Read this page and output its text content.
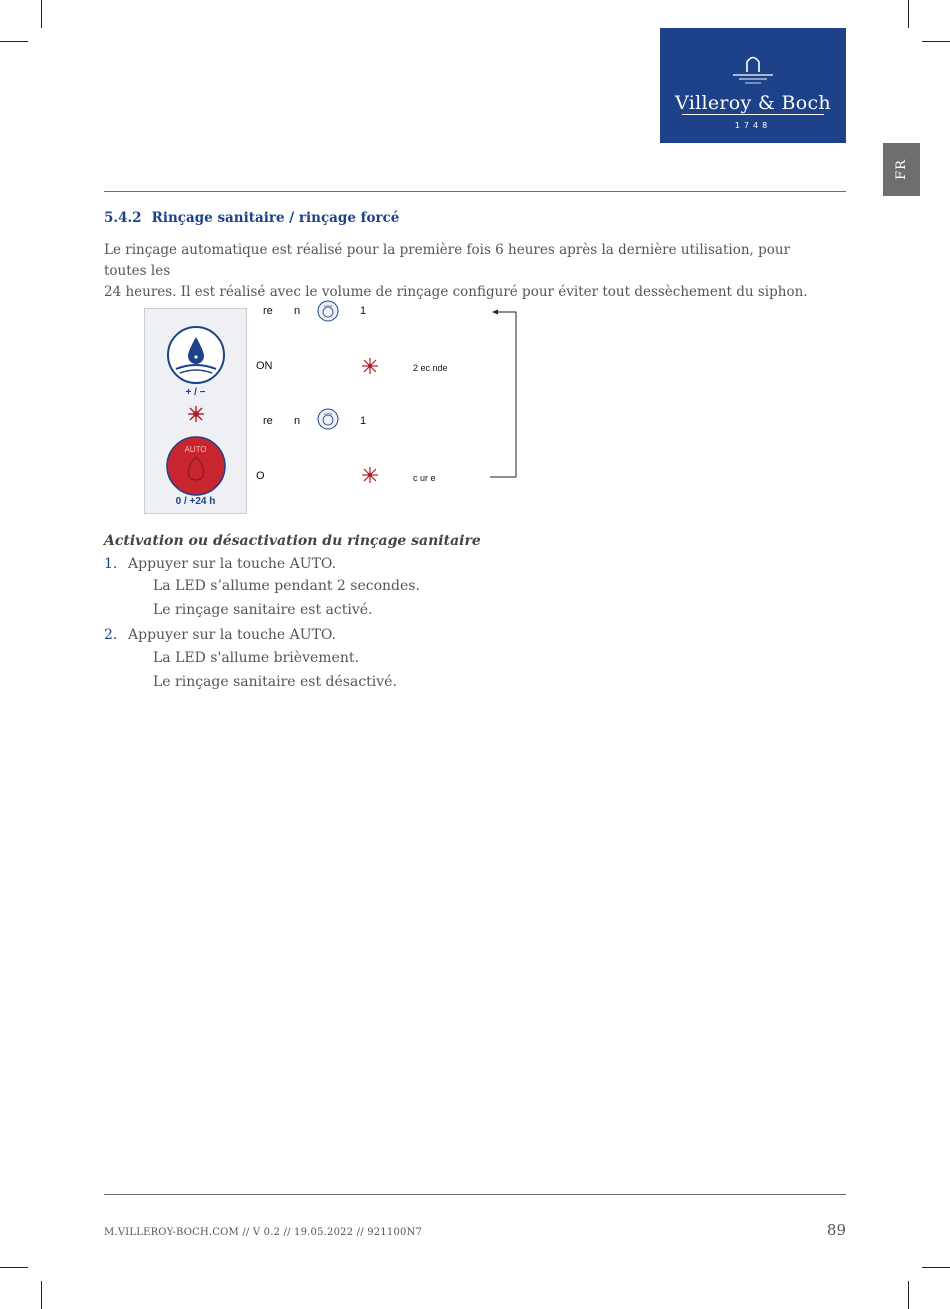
Villeroy & Boch
1748
FR
5.4.2 Rinçage sanitaire / rinçage forcé
Le rinçage automatique est réalisé pour la première fois 6 heures après la dernière utilisation, pour toutes les
24 heures. Il est réalisé avec le volume de rinçage configuré pour éviter tout dessèchement du siphon.
+ / −
AUTO
0 / +24 h
re n	AUTO	1
ON	2 ec nde
re n
AUTO
1
O	c ur e
Activation ou désactivation du rinçage sanitaire
1. Appuyer sur la touche AUTO.
La LED s’allume pendant 2 secondes.
Le rinçage sanitaire est activé.
2. Appuyer sur la touche AUTO.
La LED s'allume brièvement.
Le rinçage sanitaire est désactivé.
M.VILLEROY-BOCH.COM // V 0.2 // 19.05.2022 // 921100N7	89
